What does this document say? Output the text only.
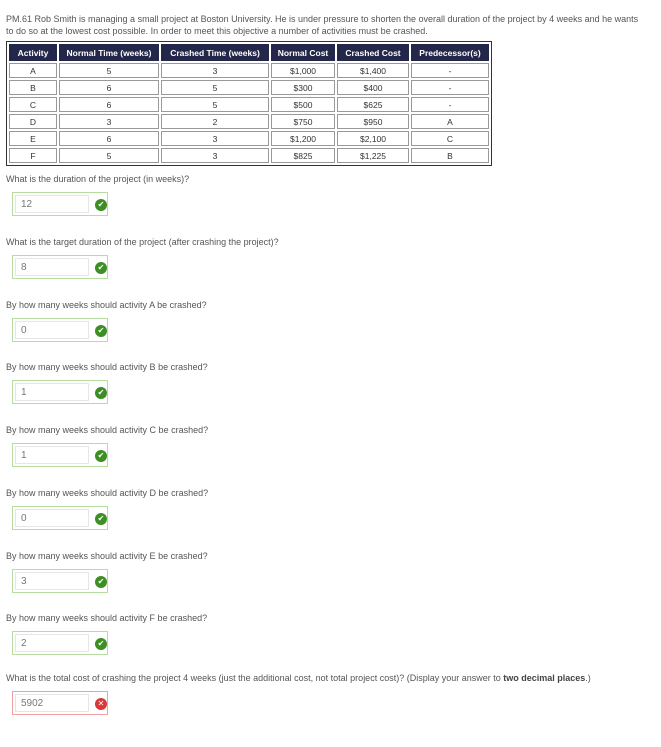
PM.61 Rob Smith is managing a small project at Boston University. He is under pressure to shorten the overall duration of the project by 4 weeks and he wants to do so at the lowest cost possible. In order to meet this objective a number of activities must be crashed.
Activity	Normal Time (weeks)	Crashed Time (weeks)	Normal Cost	Crashed Cost	Predecessor(s)
A	5	3	$1,000	$1,400	-
B	6	5	$300	$400	-
C	6	5	$500	$625	-
D	3	2	$750	$950	A
E	6	3	$1,200	$2,100	C
F	5	3	$825	$1,225	B
What is the duration of the project (in weeks)?
12	✔
What is the target duration of the project (after crashing the project)?
8	✔
By how many weeks should activity A be crashed?
0	✔
By how many weeks should activity B be crashed?
1	✔
By how many weeks should activity C be crashed?
1	✔
By how many weeks should activity D be crashed?
0	✔
By how many weeks should activity E be crashed?
3	✔
By how many weeks should activity F be crashed?
2	✔
What is the total cost of crashing the project 4 weeks (just the additional cost, not total project cost)? (Display your answer to two decimal places.)
5902	✕
